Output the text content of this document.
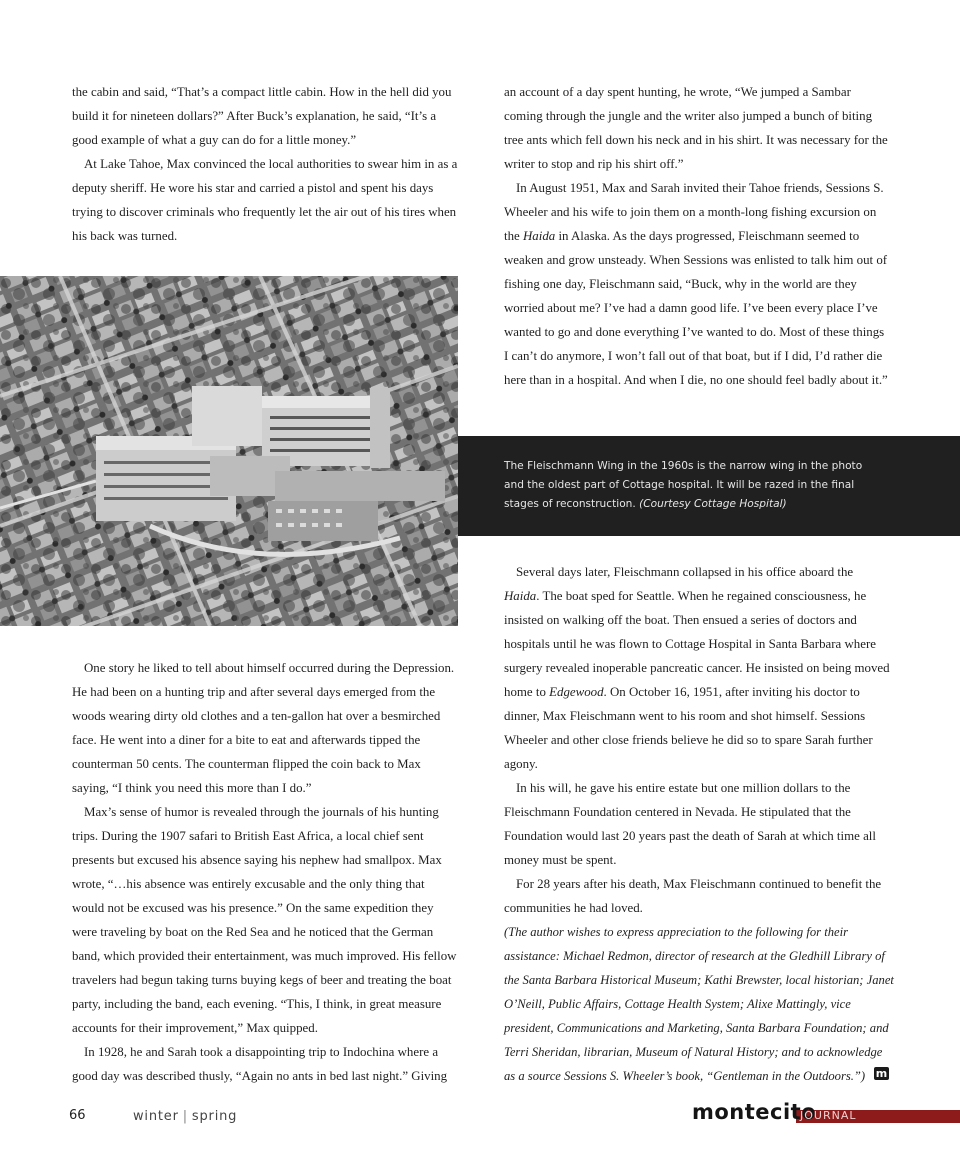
the cabin and said, “That’s a compact little cabin. How in the hell did you build it for nineteen dollars?” After Buck’s explanation, he said, “It’s a good example of what a guy can do for a little money.”

At Lake Tahoe, Max convinced the local authorities to swear him in as a deputy sheriff. He wore his star and carried a pistol and spent his days trying to discover criminals who frequently let the air out of his tires when his back was turned.

an account of a day spent hunting, he wrote, “We jumped a Sambar coming through the jungle and the writer also jumped a bunch of biting tree ants which fell down his neck and in his shirt. It was necessary for the writer to stop and rip his shirt off.”

In August 1951, Max and Sarah invited their Tahoe friends, Sessions S. Wheeler and his wife to join them on a month-long fishing excursion on the Haida in Alaska. As the days progressed, Fleischmann seemed to weaken and grow unsteady. When Sessions was enlisted to talk him out of fishing one day, Fleischmann said, “Buck, why in the world are they worried about me? I’ve had a damn good life. I’ve been every place I’ve wanted to go and done everything I’ve wanted to do. Most of these things I can’t do anymore, I won’t fall out of that boat, but if I did, I’d rather die here than in a hospital. And when I die, no one should feel badly about it.”

The Fleischmann Wing in the 1960s is the narrow wing in the photo and the oldest part of Cottage hospital. It will be razed in the final stages of reconstruction. (Courtesy Cottage Hospital)

One story he liked to tell about himself occurred during the Depression. He had been on a hunting trip and after several days emerged from the woods wearing dirty old clothes and a ten-gallon hat over a besmirched face. He went into a diner for a bite to eat and afterwards tipped the counterman 50 cents. The counterman flipped the coin back to Max saying, “I think you need this more than I do.”

Max’s sense of humor is revealed through the journals of his hunting trips. During the 1907 safari to British East Africa, a local chief sent presents but excused his absence saying his nephew had smallpox. Max wrote, “…his absence was entirely excusable and the only thing that would not be excused was his presence.” On the same expedition they were traveling by boat on the Red Sea and he noticed that the German band, which provided their entertainment, was much improved. His fellow travelers had begun taking turns buying kegs of beer and treating the boat party, including the band, each evening. “This, I think, in great measure accounts for their improvement,” Max quipped.

In 1928, he and Sarah took a disappointing trip to Indochina where a good day was described thusly, “Again no ants in bed last night.” Giving

Several days later, Fleischmann collapsed in his office aboard the Haida. The boat sped for Seattle. When he regained consciousness, he insisted on walking off the boat. Then ensued a series of doctors and hospitals until he was flown to Cottage Hospital in Santa Barbara where surgery revealed inoperable pancreatic cancer. He insisted on being moved home to Edgewood. On October 16, 1951, after inviting his doctor to dinner, Max Fleischmann went to his room and shot himself. Sessions Wheeler and other close friends believe he did so to spare Sarah further agony.

In his will, he gave his entire estate but one million dollars to the Fleischmann Foundation centered in Nevada. He stipulated that the Foundation would last 20 years past the death of Sarah at which time all money must be spent.

For 28 years after his death, Max Fleischmann continued to benefit the communities he had loved.

(The author wishes to express appreciation to the following for their assistance: Michael Redmon, director of research at the Gledhill Library of the Santa Barbara Historical Museum; Kathi Brewster, local historian; Janet O’Neill, Public Affairs, Cottage Health System; Alixe Mattingly, vice president, Communications and Marketing, Santa Barbara Foundation; and Terri Sheridan, librarian, Museum of Natural History; and to acknowledge as a source Sessions S. Wheeler’s book, “Gentleman in the Outdoors.”) m
66	winter | spring	montecito
JOURNAL
